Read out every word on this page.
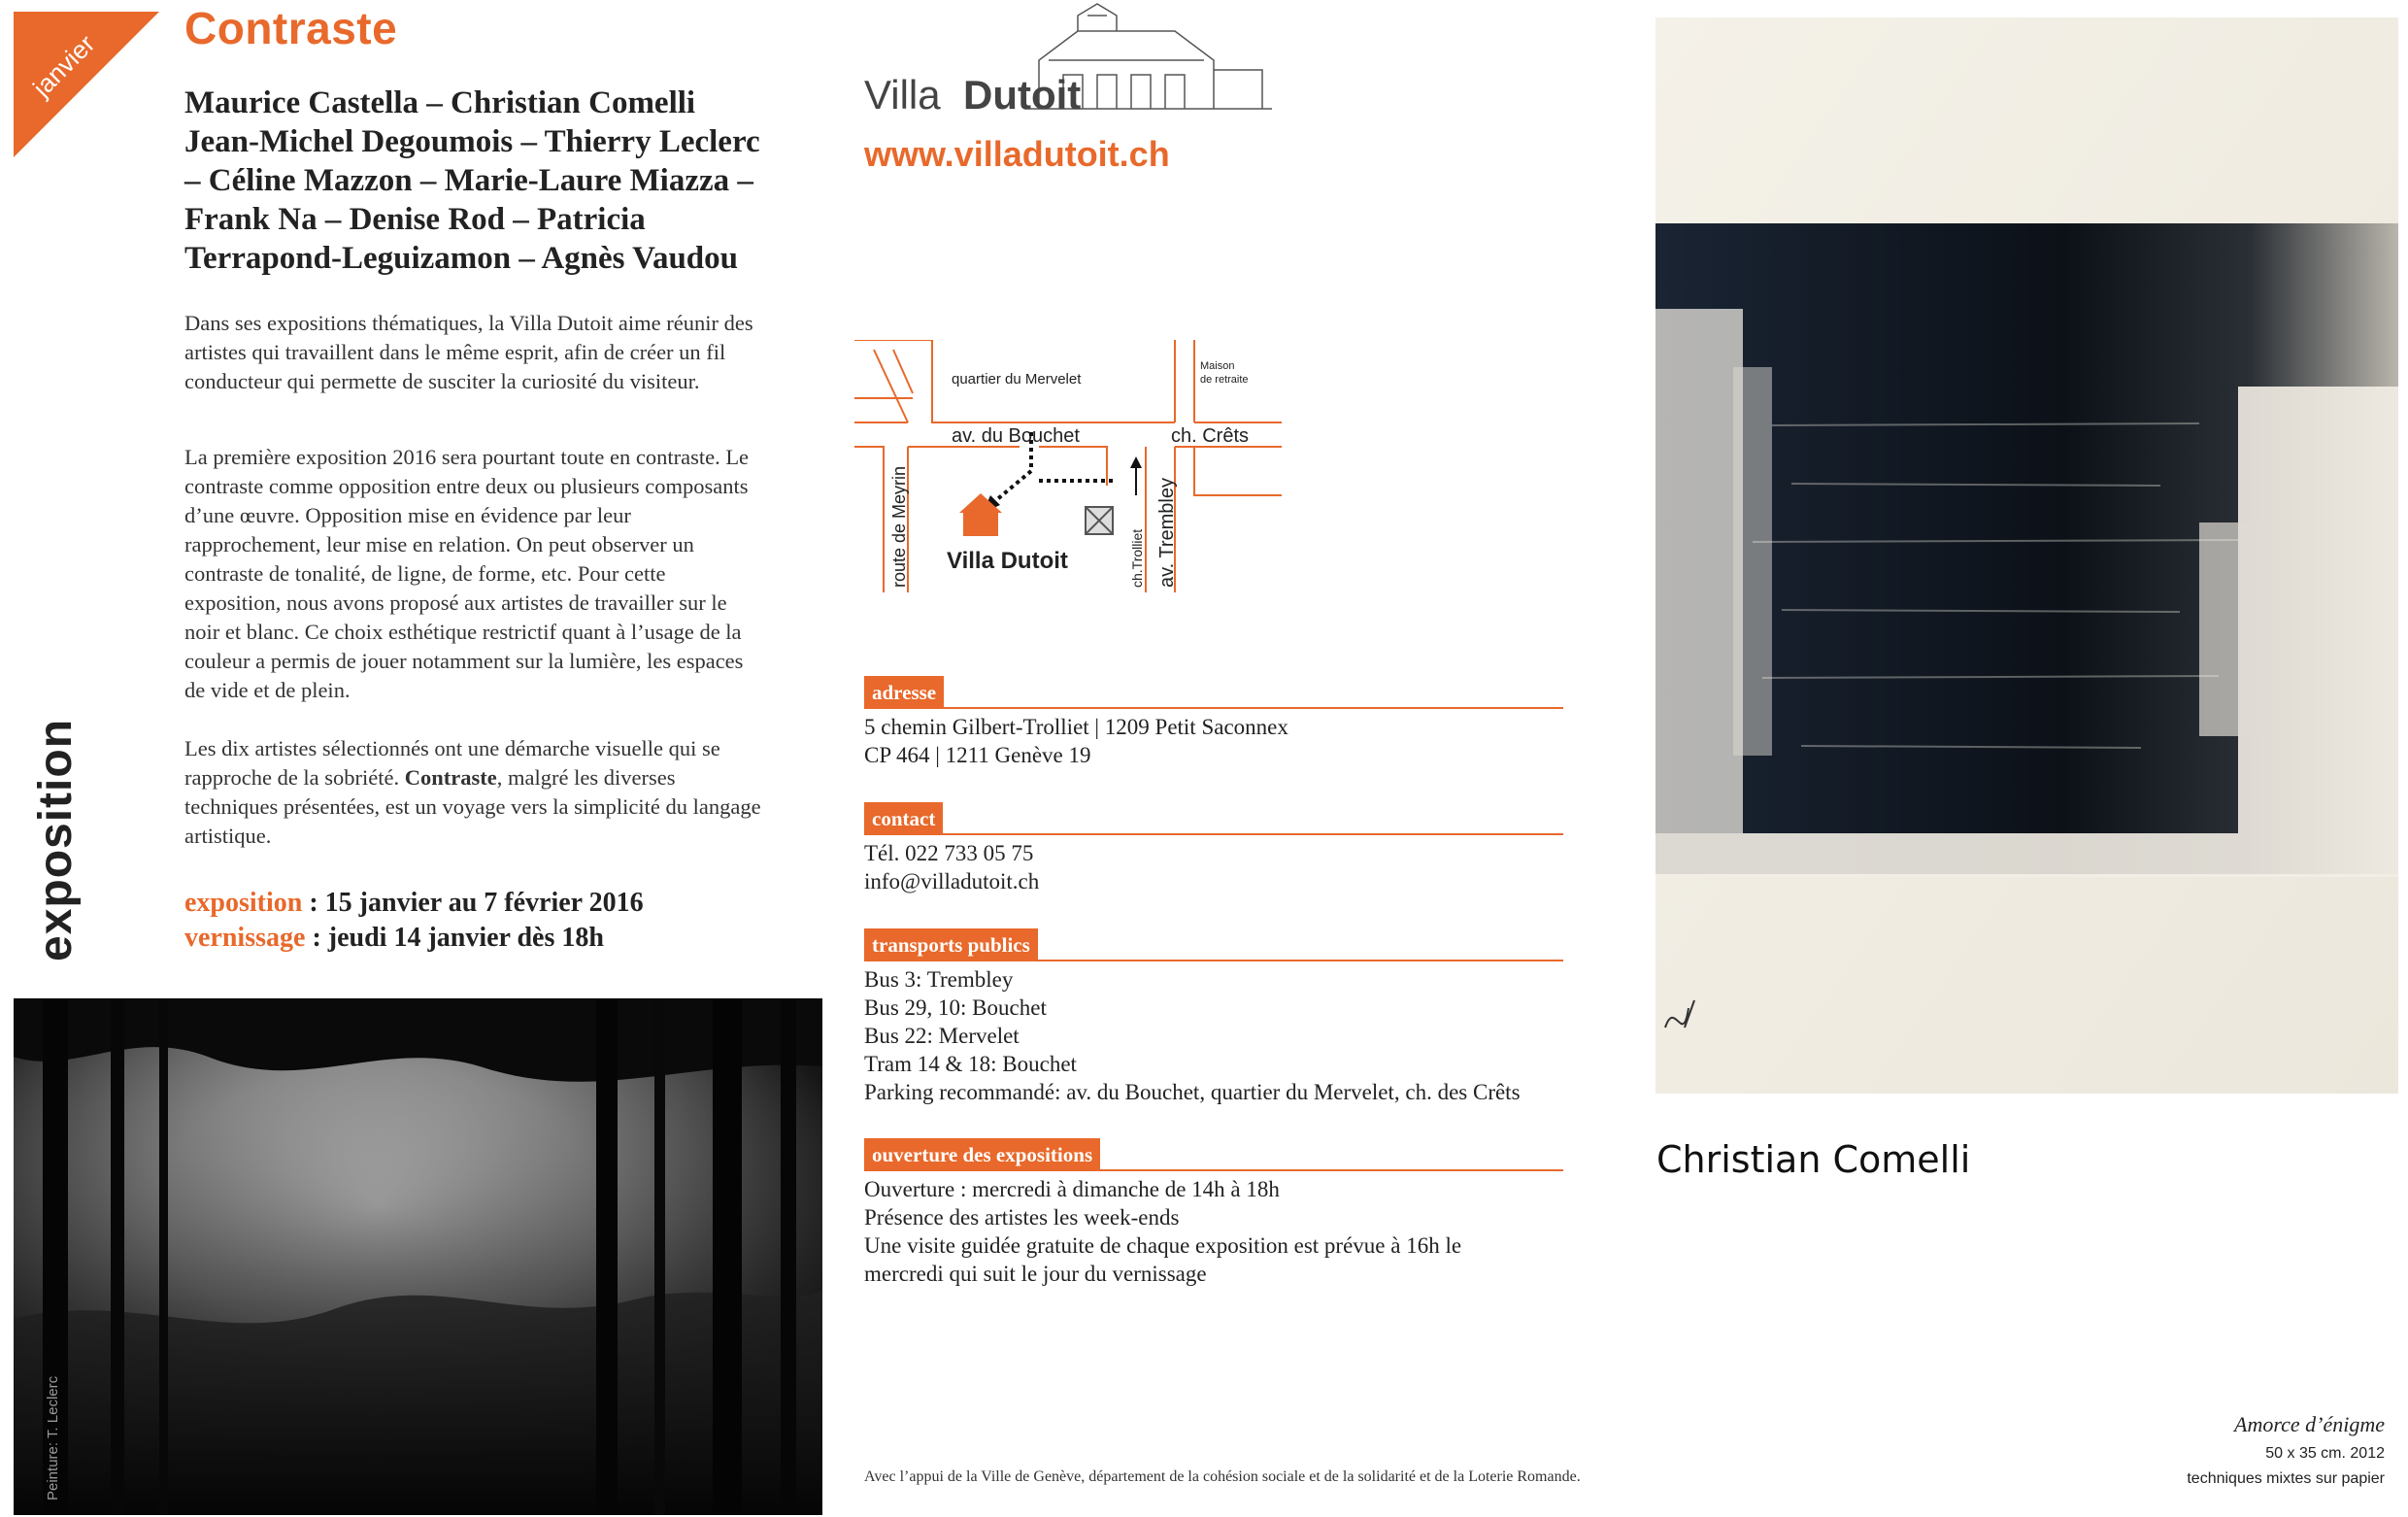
janvier
Contraste
Maurice Castella – Christian Comelli Jean-Michel Degoumois – Thierry Leclerc – Céline Mazzon – Marie-Laure Miazza –Frank Na – Denise Rod – Patricia Terrapond-Leguizamon – Agnès Vaudou
Dans ses expositions thématiques, la Villa Dutoit aime réunir des artistes qui travaillent dans le même esprit, afin de créer un fil conducteur qui permette de susciter la curiosité du visiteur.
La première exposition 2016 sera pourtant toute en contraste. Le contraste comme opposition entre deux ou plusieurs composants d’une œuvre. Opposition mise en évidence par leur rapprochement, leur mise en relation. On peut observer un contraste de tonalité, de ligne, de forme, etc. Pour cette exposition, nous avons proposé aux artistes de travailler sur le noir et blanc. Ce choix esthétique restrictif quant à l’usage de la couleur a permis de jouer notamment sur la lumière, les espaces de vide et de plein.
Les dix artistes sélectionnés ont une démarche visuelle qui se rapproche de la sobriété. Contraste, malgré les diverses techniques présentées, est un voyage vers la simplicité du langage artistique.
exposition : 15 janvier au 7 février 2016
vernissage : jeudi 14 janvier dès 18h
exposition
Peinture: T. Leclerc
Villa Dutoit
www.villadutoit.ch
quartier du Mervelet
Maison
de retraite
av. du Bouchet	ch. Crêts
route de Meyrin	av. Trembley
ch.Trolliet
Villa Dutoit
adresse
5 chemin Gilbert-Trolliet | 1209 Petit Saconnex
CP 464 | 1211 Genève 19
contact
Tél. 022 733 05 75
info@villadutoit.ch
transports publics
Bus 3: Trembley
Bus 29, 10: Bouchet
Bus 22: Mervelet
Tram 14 & 18: Bouchet
Parking recommandé: av. du Bouchet, quartier du Mervelet, ch. des Crêts
ouverture des expositions
Ouverture : mercredi à dimanche de 14h à 18h
Présence des artistes les week-ends
Une visite guidée gratuite de chaque exposition est prévue à 16h le
mercredi qui suit le jour du vernissage
Avec l’appui de la Ville de Genève, département de la cohésion sociale et de la solidarité et de la Loterie Romande.
Christian Comelli
Amorce d’énigme
50 x 35 cm. 2012
techniques mixtes sur papier
